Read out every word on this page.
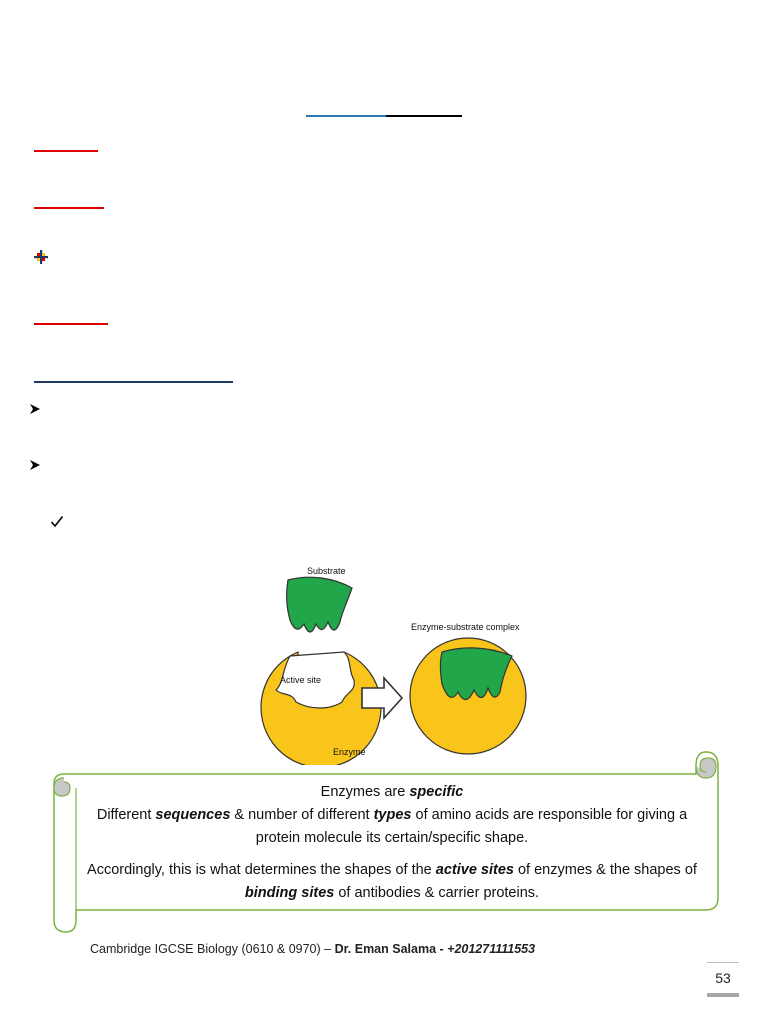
Substrate
Enzyme-substrate complex
Active site
Enzyme

Enzymes are specific

Different sequences & number of different types of amino acids are responsible for giving a protein molecule its certain/specific shape.

Accordingly, this is what determines the shapes of the active sites of enzymes & the shapes of binding sites of antibodies & carrier proteins.

Cambridge IGCSE Biology (0610 & 0970) – Dr. Eman Salama - +201271111553
53
